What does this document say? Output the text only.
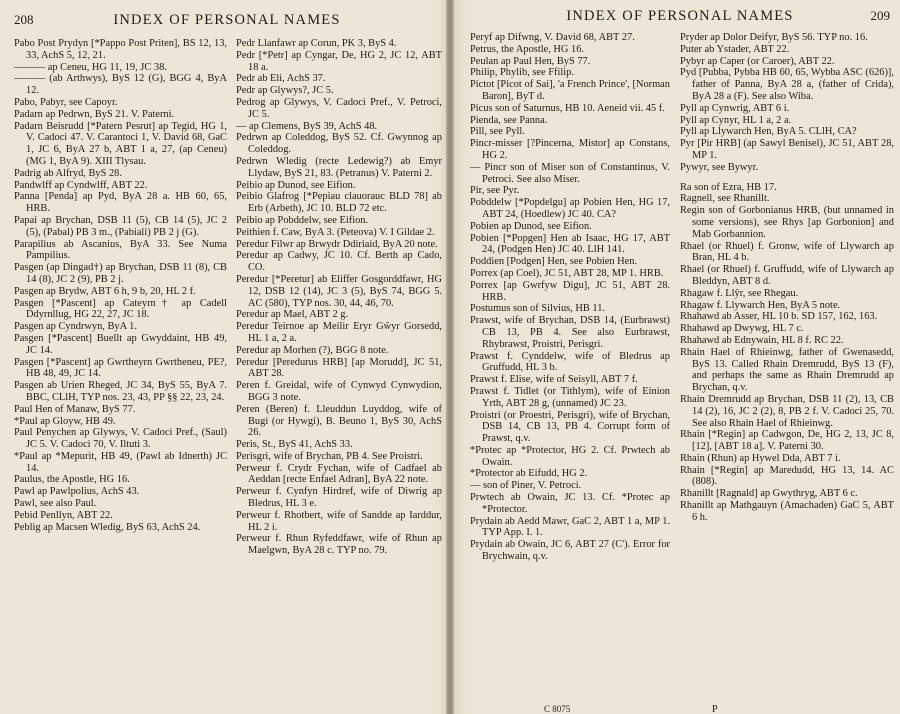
208	INDEX OF PERSONAL NAMES

Pabo Post Prydyn [*Pappo Post Priten], BS 12, 13, 33, AchS 5, 12, 21.

——— ap Ceneu, HG 11, 19, JC 38.

——— (ab Arthwys), ByS 12 (G), BGG 4, ByA 12.

Pabo, Pabyr, see Capoyr.

Padarn ap Pedrwn, ByS 21. V. Paterni.

Padarn Beisrudd [*Patern Pesrut] ap Tegid, HG 1, V. Cadoci 47. V. Carantoci 1, V. David 68, GaC 1, JC 6, ByA 27 b, ABT 1 a, 27, (ap Ceneu) (MG 1, ByA 9). XIII Tlysau.

Padrig ab Alfryd, ByS 28.

Pandwlff ap Cyndwlff, ABT 22.

Panna [Penda] ap Pyd, ByA 28 a. HB 60, 65, HRB.

Papai ap Brychan, DSB 11 (5), CB 14 (5), JC 2 (5), (Pabal) PB 3 m., (Pabiali) PB 2 j (G).

Parapilius ab Ascanius, ByA 33. See Numa Pampilius.

Pasgen (ap Dingad†) ap Brychan, DSB 11 (8), CB 14 (8), JC 2 (9), PB 2 j.

Pasgen ap Brydw, ABT 6 h, 9 b, 20, HL 2 f.

Pasgen [*Pascent] ap Cateyrn† ap Cadell Ddyrnllug, HG 22, 27, JC 18.

Pasgen ap Cyndrwyn, ByA 1.

Pasgen [*Pascent] Buellt ap Gwyddaint, HB 49, JC 14.

Pasgen [*Pascent] ap Gwrtheyrn Gwrtheneu, PE?, HB 48, 49, JC 14.

Pasgen ab Urien Rheged, JC 34, ByS 55, ByA 7. BBC, CLlH, TYP nos. 23, 43, PP §§ 22, 23, 24.

Paul Hen of Manaw, ByS 77.

*Paul ap Gloyw, HB 49.

Paul Penychen ap Glywys, V. Cadoci Pref., (Saul) JC 5. V. Cadoci 70, V. Iltuti 3.

*Paul ap *Mepurit, HB 49, (Pawl ab Idnerth) JC 14.

Paulus, the Apostle, HG 16.

Pawl ap Pawlpolius, AchS 43.

Pawl, see also Paul.

Pebid Penllyn, ABT 22.

Peblig ap Macsen Wledig, ByS 63, AchS 24.

Pedr Llanfawr ap Corun, PK 3, ByS 4.

Pedr [*Petr] ap Cyngar, De, HG 2, JC 12, ABT 18 a.

Pedr ab Eli, AchS 37.

Pedr ap Glywys?, JC 5.

Pedrog ap Glywys, V. Cadoci Pref., V. Petroci, JC 5.

— ap Clemens, ByS 39, AchS 48.

Pedrwn ap Coleddog, ByS 52. Cf. Gwynnog ap Coleddog.

Pedrwn Wledig (recte Ledewig?) ab Emyr Llydaw, ByS 21, 83. (Petranus) V. Paterni 2.

Peibio ap Dunod, see Eifion.

Peibio Glafrog [*Pepiau clauorauc BLD 78] ab Erb (Arbeth), JC 10. BLD 72 etc.

Peibio ap Pobddelw, see Eifion.

Peithien f. Caw, ByA 3. (Peteova) V. I Gildae 2.

Peredur Filwr ap Brwydr Ddiriaid, ByA 20 note.

Peredur ap Cadwy, JC 10. Cf. Berth ap Cado, CO.

Peredur [*Peretur] ab Eliffer Gosgorddfawr, HG 12, DSB 12 (14), JC 3 (5), ByS 74, BGG 5. AC (580), TYP nos. 30, 44, 46, 70.

Peredur ap Mael, ABT 2 g.

Peredur Teirnoe ap Meilir Eryr Gŵyr Gorsedd, HL 1 a, 2 a.

Peredur ap Morhen (?), BGG 8 note.

Peredur [Peredurus HRB] [ap Morudd], JC 51, ABT 28.

Peren f. Greidal, wife of Cynwyd Cynwydion, BGG 3 note.

Peren (Beren) f. Lleuddun Luyddog, wife of Bugi (or Hywgi), B. Beuno 1, ByS 30, AchS 26.

Peris, St., ByS 41, AchS 33.

Perisgri, wife of Brychan, PB 4. See Proistri.

Perweur f. Crydr Fychan, wife of Cadfael ab Aeddan [recte Enfael Adran], ByA 22 note.

Perweur f. Cynfyn Hirdref, wife of Diwrig ap Bledrus, HL 3 e.

Perweur f. Rhotbert, wife of Sandde ap Iarddur, HL 2 i.

Perweur f. Rhun Ryfeddfawr, wife of Rhun ap Maelgwn, ByA 28 c. TYP no. 79.

INDEX OF PERSONAL NAMES	209

Peryf ap Difwng, V. David 68, ABT 27.

Petrus, the Apostle, HG 16.

Peulan ap Paul Hen, ByS 77.

Philip, Phylib, see Ffilip.

Pictot [Picot of Sai], 'a French Prince', [Norman Baron], ByT d.

Picus son of Saturnus, HB 10. Aeneid vii. 45 f.

Pienda, see Panna.

Pill, see Pyll.

Pincr-misser [?Pincerna, Mistor] ap Constans, HG 2.

— Pincr son of Miser son of Constantinus, V. Petroci. See also Miser.

Pir, see Pyr.

Pobddelw [*Popdelgu] ap Pobien Hen, HG 17, ABT 24, (Hoedlew) JC 40. CA?

Pobien ap Dunod, see Eifion.

Pobien [*Popgen] Hen ab Isaac, HG 17, ABT 24, (Podgen Hen) JC 40. LlH 141.

Poddien [Podgen] Hen, see Pobien Hen.

Porrex (ap Coel), JC 51, ABT 28, MP 1. HRB.

Porrex [ap Gwrfyw Digu], JC 51, ABT 28. HRB.

Postumus son of Silvius, HB 11.

Prawst, wife of Brychan, DSB 14, (Eurbrawst) CB 13, PB 4. See also Eurbrawst, Rhybrawst, Proistri, Perisgri.

Prawst f. Cynddelw, wife of Bledrus ap Gruffudd, HL 3 b.

Prawst f. Elise, wife of Seisyll, ABT 7 f.

Prawst f. Tidlet (or Tithlym), wife of Einion Yrth, ABT 28 g, (unnamed) JC 23.

Proistri (or Proestri, Perisgri), wife of Brychan, DSB 14, CB 13, PB 4. Corrupt form of Prawst, q.v.

*Protec ap *Protector, HG 2. Cf. Prwtech ab Owain.

*Protector ab Eifudd, HG 2.

— son of Piner, V. Petroci.

Prwtech ab Owain, JC 13. Cf. *Protec ap *Protector.

Prydain ab Aedd Mawr, GaC 2, ABT 1 a, MP 1. TYP App. I. 1.

Prydain ab Owain, JC 6, ABT 27 (C'). Error for Brychwain, q.v.

Pryder ap Dolor Deifyr, ByS 56. TYP no. 16.

Puter ab Ystader, ABT 22.

Pybyr ap Caper (or Caroer), ABT 22.

Pyd [Pubba, Pybba HB 60, 65, Wybba ASC (626)], father of Panna, ByA 28 a, (father of Crida), ByA 28 a (F). See also Wiba.

Pyll ap Cynwrig, ABT 6 i.

Pyll ap Cynyr, HL 1 a, 2 a.

Pyll ap Llywarch Hen, ByA 5. CLlH, CA?

Pyr [Pir HRB] (ap Sawyl Benisel), JC 51, ABT 28, MP 1.

Pywyr, see Bywyr.

Ra son of Ezra, HB 17.

Ragnell, see Rhanillt.

Regin son of Gorbonianus HRB, (but unnamed in some versions), see Rhys [ap Gorbonion] and Mab Gorbannion.

Rhael (or Rhuel) f. Gronw, wife of Llywarch ap Bran, HL 4 b.

Rhael (or Rhuel) f. Gruffudd, wife of Llywarch ap Bleddyn, ABT 8 d.

Rhagaw f. Llŷr, see Rhegau.

Rhagaw f. Llywarch Hen, ByA 5 note.

Rhahawd ab Asser, HL 10 b. SD 157, 162, 163.

Rhahawd ap Dwywg, HL 7 c.

Rhahawd ab Ednywain, HL 8 f. RC 22.

Rhain Hael of Rhieinwg, father of Gwenasedd, ByS 13. Called Rhain Dremrudd, ByS 13 (F), and perhaps the same as Rhain Dremrudd ap Brychan, q.v.

Rhain Dremrudd ap Brychan, DSB 11 (2), 13, CB 14 (2), 16, JC 2 (2), 8, PB 2 f. V. Cadoci 25, 70. See also Rhain Hael of Rhieinwg.

Rhain [*Regin] ap Cadwgon, De, HG 2, 13, JC 8, [12], [ABT 18 a]. V. Paterni 30.

Rhain (Rhun) ap Hywel Dda, ABT 7 i.

Rhain [*Regin] ap Maredudd, HG 13, 14. AC (808).

Rhanillt [Ragnald] ap Gwythryg, ABT 6 c.

Rhanillt ap Mathgauyn (Amachaden) GaC 5, ABT 6 h.

C 8075	P
